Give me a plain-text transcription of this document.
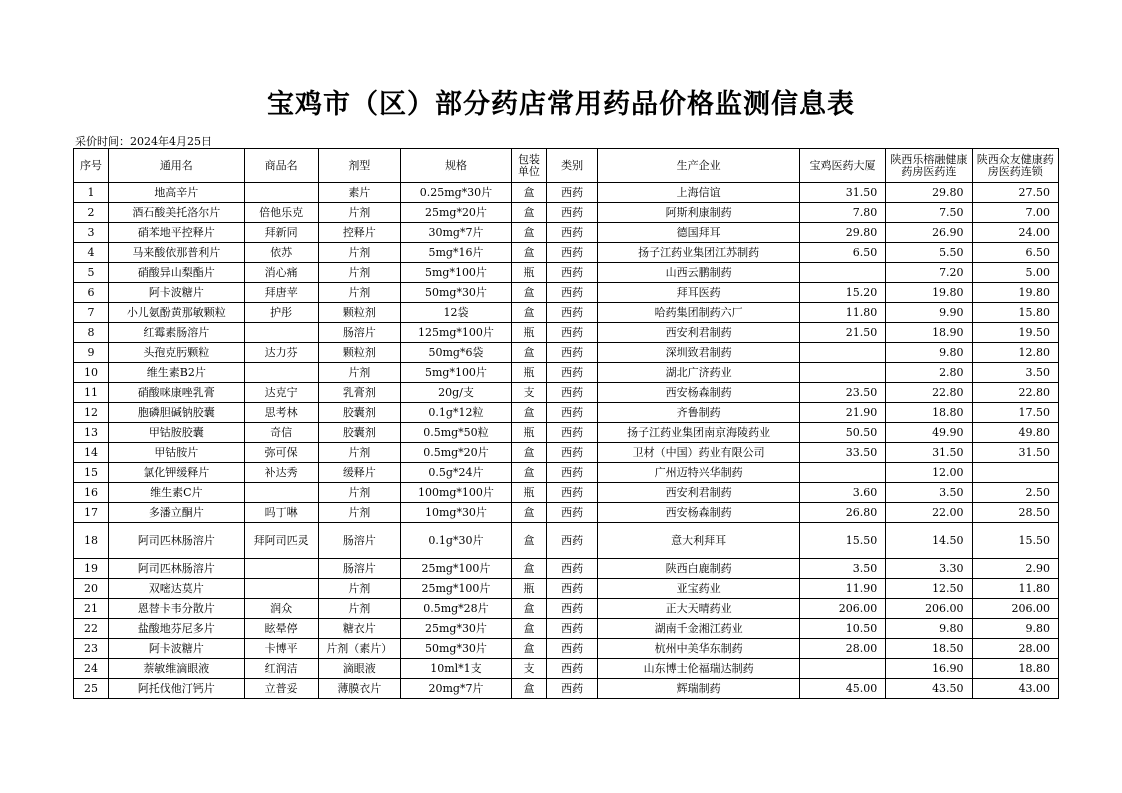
宝鸡市（区）部分药店常用药品价格监测信息表
采价时间：2024年4月25日
序号	通用名	商品名	剂型	规格	包装单位	类别	生产企业	宝鸡医药大厦	陕西乐榕融健康药房医药连	陕西众友健康药房医药连锁
1	地高辛片		素片	0.25mg*30片	盒	西药	上海信谊	31.50	29.80	27.50
2	酒石酸美托洛尔片	倍他乐克	片剂	25mg*20片	盒	西药	阿斯利康制药	7.80	7.50	7.00
3	硝苯地平控释片	拜新同	控释片	30mg*7片	盒	西药	德国拜耳	29.80	26.90	24.00
4	马来酸依那普利片	依苏	片剂	5mg*16片	盒	西药	扬子江药业集团江苏制药	6.50	5.50	6.50
5	硝酸异山梨酯片	消心痛	片剂	5mg*100片	瓶	西药	山西云鹏制药		7.20	5.00
6	阿卡波糖片	拜唐苹	片剂	50mg*30片	盒	西药	拜耳医药	15.20	19.80	19.80
7	小儿氨酚黄那敏颗粒	护彤	颗粒剂	12袋	盒	西药	哈药集团制药六厂	11.80	9.90	15.80
8	红霉素肠溶片		肠溶片	125mg*100片	瓶	西药	西安利君制药	21.50	18.90	19.50
9	头孢克肟颗粒	达力芬	颗粒剂	50mg*6袋	盒	西药	深圳致君制药		9.80	12.80
10	维生素B2片		片剂	5mg*100片	瓶	西药	湖北广济药业		2.80	3.50
11	硝酸咪康唑乳膏	达克宁	乳膏剂	20g/支	支	西药	西安杨森制药	23.50	22.80	22.80
12	胞磷胆碱钠胶囊	思考林	胶囊剂	0.1g*12粒	盒	西药	齐鲁制药	21.90	18.80	17.50
13	甲钴胺胶囊	奇信	胶囊剂	0.5mg*50粒	瓶	西药	扬子江药业集团南京海陵药业	50.50	49.90	49.80
14	甲钴胺片	弥可保	片剂	0.5mg*20片	盒	西药	卫材（中国）药业有限公司	33.50	31.50	31.50
15	氯化钾缓释片	补达秀	缓释片	0.5g*24片	盒	西药	广州迈特兴华制药		12.00	
16	维生素C片		片剂	100mg*100片	瓶	西药	西安利君制药	3.60	3.50	2.50
17	多潘立酮片	吗丁啉	片剂	10mg*30片	盒	西药	西安杨森制药	26.80	22.00	28.50
18	阿司匹林肠溶片	拜阿司匹灵	肠溶片	0.1g*30片	盒	西药	意大利拜耳	15.50	14.50	15.50
19	阿司匹林肠溶片		肠溶片	25mg*100片	盒	西药	陕西白鹿制药	3.50	3.30	2.90
20	双嘧达莫片		片剂	25mg*100片	瓶	西药	亚宝药业	11.90	12.50	11.80
21	恩替卡韦分散片	润众	片剂	0.5mg*28片	盒	西药	正大天晴药业	206.00	206.00	206.00
22	盐酸地芬尼多片	眩晕停	糖衣片	25mg*30片	盒	西药	湖南千金湘江药业	10.50	9.80	9.80
23	阿卡波糖片	卡博平	片剂（素片）	50mg*30片	盒	西药	杭州中美华东制药	28.00	18.50	28.00
24	萘敏维滴眼液	红润洁	滴眼液	10ml*1支	支	西药	山东博士伦福瑞达制药		16.90	18.80
25	阿托伐他汀钙片	立普妥	薄膜衣片	20mg*7片	盒	西药	辉瑞制药	45.00	43.50	43.00
